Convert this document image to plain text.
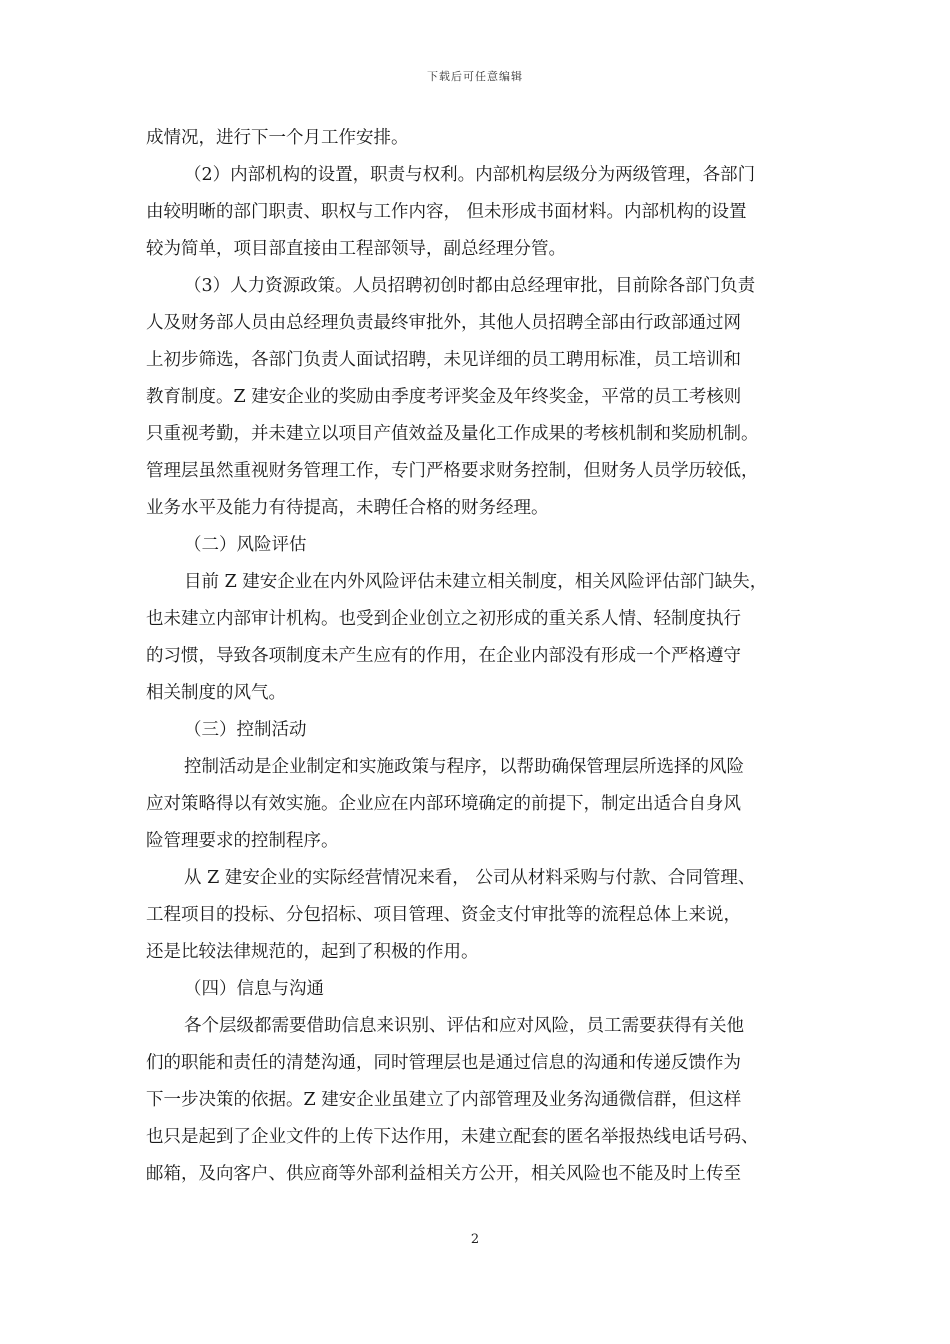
下载后可任意编辑
成情况，进行下一个月工作安排。
（2）内部机构的设置，职责与权利。内部机构层级分为两级管理，各部门
由较明晰的部门职责、职权与工作内容， 但未形成书面材料。内部机构的设置
较为简单，项目部直接由工程部领导，副总经理分管。
（3）人力资源政策。人员招聘初创时都由总经理审批，目前除各部门负责
人及财务部人员由总经理负责最终审批外，其他人员招聘全部由行政部通过网
上初步筛选，各部门负责人面试招聘，未见详细的员工聘用标准，员工培训和
教育制度。Z 建安企业的奖励由季度考评奖金及年终奖金，平常的员工考核则
只重视考勤，并未建立以项目产值效益及量化工作成果的考核机制和奖励机制。
管理层虽然重视财务管理工作，专门严格要求财务控制，但财务人员学历较低，
业务水平及能力有待提高，未聘任合格的财务经理。
（二）风险评估
目前 Z 建安企业在内外风险评估未建立相关制度，相关风险评估部门缺失，
也未建立内部审计机构。也受到企业创立之初形成的重关系人情、轻制度执行
的习惯，导致各项制度未产生应有的作用，在企业内部没有形成一个严格遵守
相关制度的风气。
（三）控制活动
控制活动是企业制定和实施政策与程序，以帮助确保管理层所选择的风险
应对策略得以有效实施。企业应在内部环境确定的前提下，制定出适合自身风
险管理要求的控制程序。
从 Z 建安企业的实际经营情况来看， 公司从材料采购与付款、合同管理、
工程项目的投标、分包招标、项目管理、资金支付审批等的流程总体上来说，
还是比较法律规范的，起到了积极的作用。
（四）信息与沟通
各个层级都需要借助信息来识别、评估和应对风险，员工需要获得有关他
们的职能和责任的清楚沟通，同时管理层也是通过信息的沟通和传递反馈作为
下一步决策的依据。Z 建安企业虽建立了内部管理及业务沟通微信群，但这样
也只是起到了企业文件的上传下达作用，未建立配套的匿名举报热线电话号码、
邮箱，及向客户、供应商等外部利益相关方公开，相关风险也不能及时上传至
2
